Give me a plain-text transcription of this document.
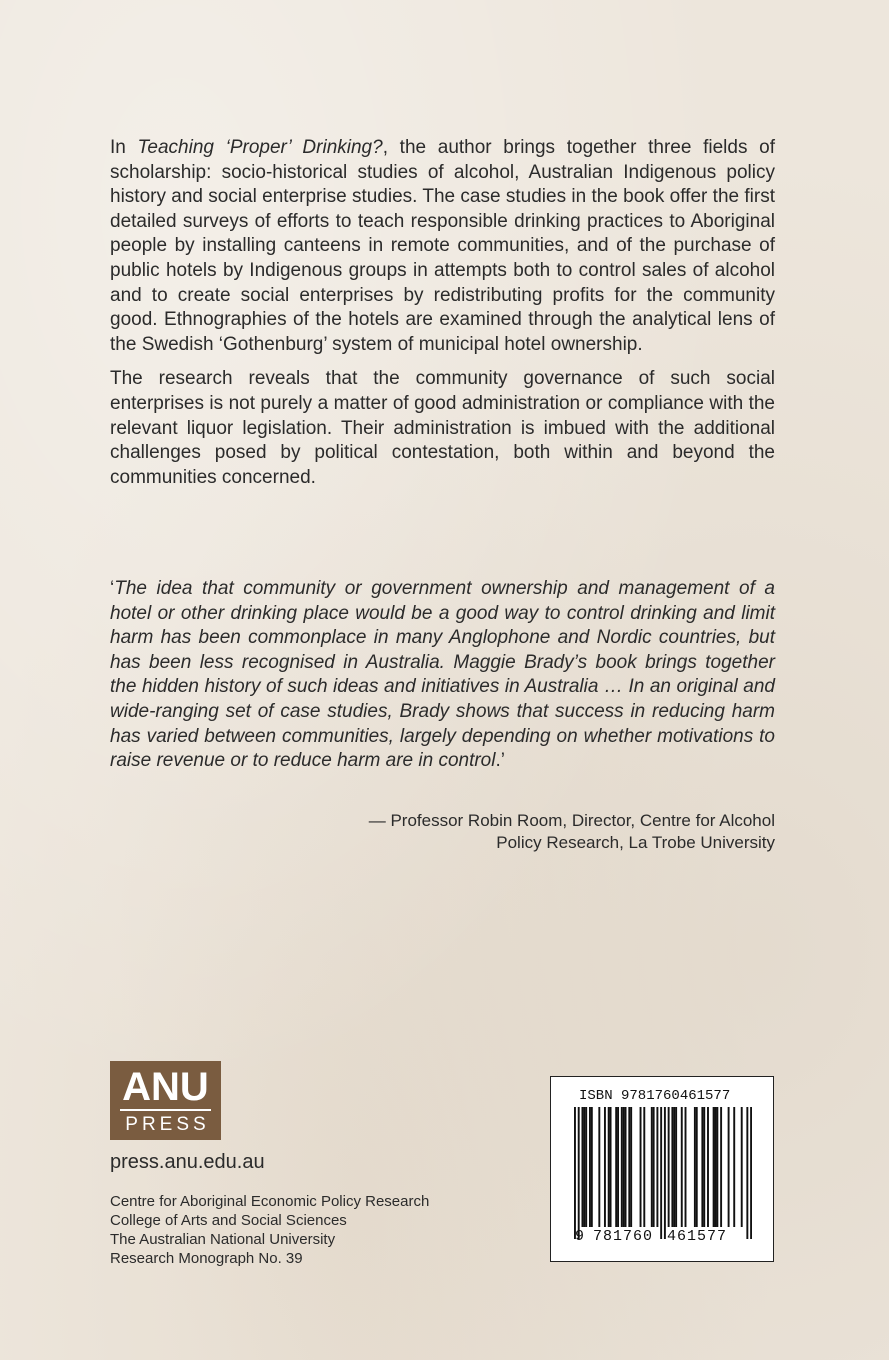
In Teaching ‘Proper’ Drinking?, the author brings together three fields of scholarship: socio-historical studies of alcohol, Australian Indigenous policy history and social enterprise studies. The case studies in the book offer the first detailed surveys of efforts to teach responsible drinking practices to Aboriginal people by installing canteens in remote communities, and of the purchase of public hotels by Indigenous groups in attempts both to control sales of alcohol and to create social enterprises by redistributing profits for the community good. Ethnographies of the hotels are examined through the analytical lens of the Swedish ‘Gothenburg’ system of municipal hotel ownership.

The research reveals that the community governance of such social enterprises is not purely a matter of good administration or compliance with the relevant liquor legislation. Their administration is imbued with the additional challenges posed by political contestation, both within and beyond the communities concerned.

‘The idea that community or government ownership and management of a hotel or other drinking place would be a good way to control drinking and limit harm has been commonplace in many Anglophone and Nordic countries, but has been less recognised in Australia. Maggie Brady’s book brings together the hidden history of such ideas and initiatives in Australia … In an original and wide-ranging set of case studies, Brady shows that success in reducing harm has varied between communities, largely depending on whether motivations to raise revenue or to reduce harm are in control.’

— Professor Robin Room, Director, Centre for Alcohol
Policy Research, La Trobe University
ANU
PRESS
press.anu.edu.au
Centre for Aboriginal Economic Policy Research
College of Arts and Social Sciences
The Australian National University
Research Monograph No. 39
ISBN 9781760461577
9 781760 461577
